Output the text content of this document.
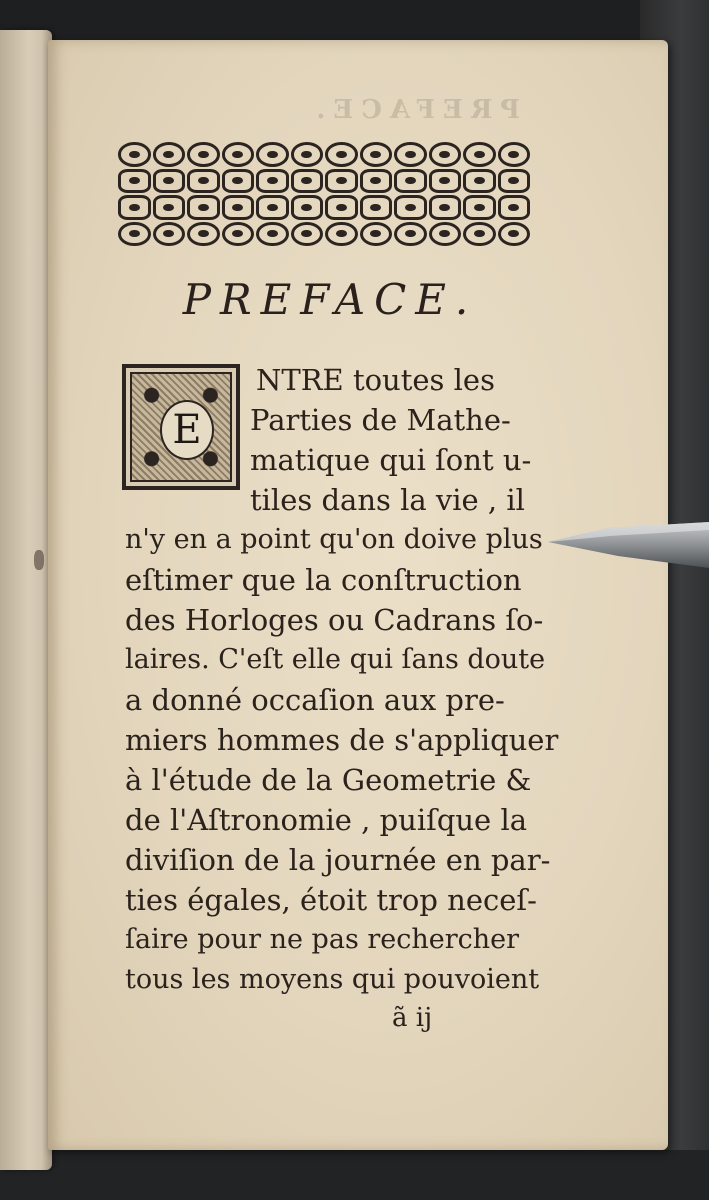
PREFACE.
PREFACE.
E
NTRE toutes les
Parties de Mathe-
matique qui ſont u-
tiles dans la vie , il
n'y en a point qu'on doive plus
eſtimer que la conſtruction
des Horloges ou Cadrans ſo-
laires. C'eſt elle qui ſans doute
a donné occaſion aux pre-
miers hommes de s'appliquer
à l'étude de la Geometrie &
de l'Aſtronomie , puiſque la
diviſion de la journée en par-
ties égales, étoit trop neceſ-
ſaire pour ne pas rechercher
tous les moyens qui pouvoient
ã ij
